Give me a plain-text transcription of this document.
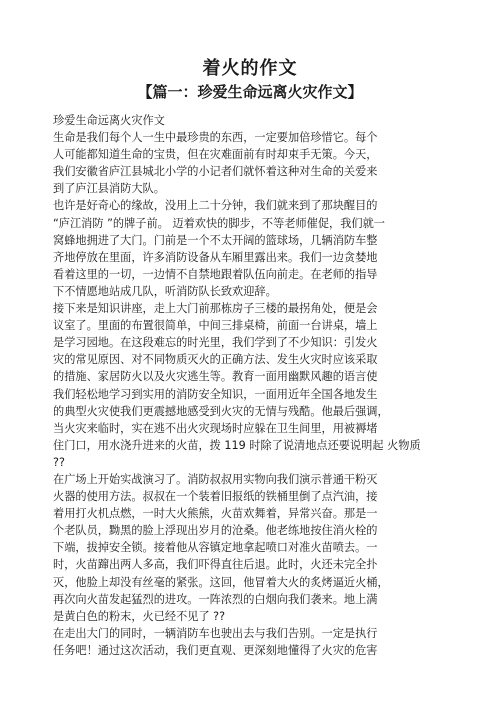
着火的作文
【篇一：珍爱生命远离火灾作文】

珍爱生命远离火灾作文

生命是我们每个人一生中最珍贵的东西，一定要加倍珍惜它。每个
人可能都知道生命的宝贵，但在灾难面前有时却束手无策。今天，
我们安徽省庐江县城北小学的小记者们就怀着这种对生命的关爱来
到了庐江县消防大队。

也许是好奇心的缘故，没用上二十分钟，我们就来到了那块醒目的
“庐江消防 ”的牌子前。 迈着欢快的脚步，不等老师催促，我们就一
窝蜂地拥进了大门。门前是一个不太开阔的篮球场，几辆消防车整
齐地停放在里面，许多消防设备从车厢里露出来。我们一边贪婪地
看着这里的一切，一边情不自禁地跟着队伍向前走。在老师的指导
下不情愿地站成几队，听消防队长致欢迎辞。

接下来是知识讲座，走上大门前那栋房子三楼的最拐角处，便是会
议室了。里面的布置很简单，中间三排桌椅，前面一台讲桌，墙上
是学习园地。在这段难忘的时光里，我们学到了不少知识：引发火
灾的常见原因、对不同物质灭火的正确方法、发生火灾时应该采取
的措施、家居防火以及火灾逃生等。教育一面用幽默风趣的语言使
我们轻松地学习到实用的消防安全知识，一面用近年全国各地发生
的典型火灾使我们更震撼地感受到火灾的无情与残酷。他最后强调，
当火灾来临时，实在逃不出火灾现场时应躲在卫生间里，用被褥堵
住门口，用水浇升进来的火苗，拨 119 时除了说清地点还要说明起 火物质
??

在广场上开始实战演习了。消防叔叔用实物向我们演示普通干粉灭
火器的使用方法。叔叔在一个装着旧报纸的铁桶里倒了点汽油，接
着用打火机点燃，一时大火熊熊，火苗欢舞着，异常兴奋。那是一
个老队员，黝黑的脸上浮现出岁月的沧桑。他老练地按住消火栓的
下端，拔掉安全锁。接着他从容镇定地拿起喷口对准火苗喷去。一
时，火苗蹿出两人多高，我们吓得直往后退。此时，火还未完全扑
灭，他脸上却没有丝毫的紧张。这回，他冒着大火的炙烤逼近火桶，
再次向火苗发起猛烈的进攻。一阵浓烈的白烟向我们袭来。地上满
是黄白色的粉末，火已经不见了 ??

在走出大门的同时，一辆消防车也驶出去与我们告别。一定是执行
任务吧！通过这次活动，我们更直观、更深刻地懂得了火灾的危害
